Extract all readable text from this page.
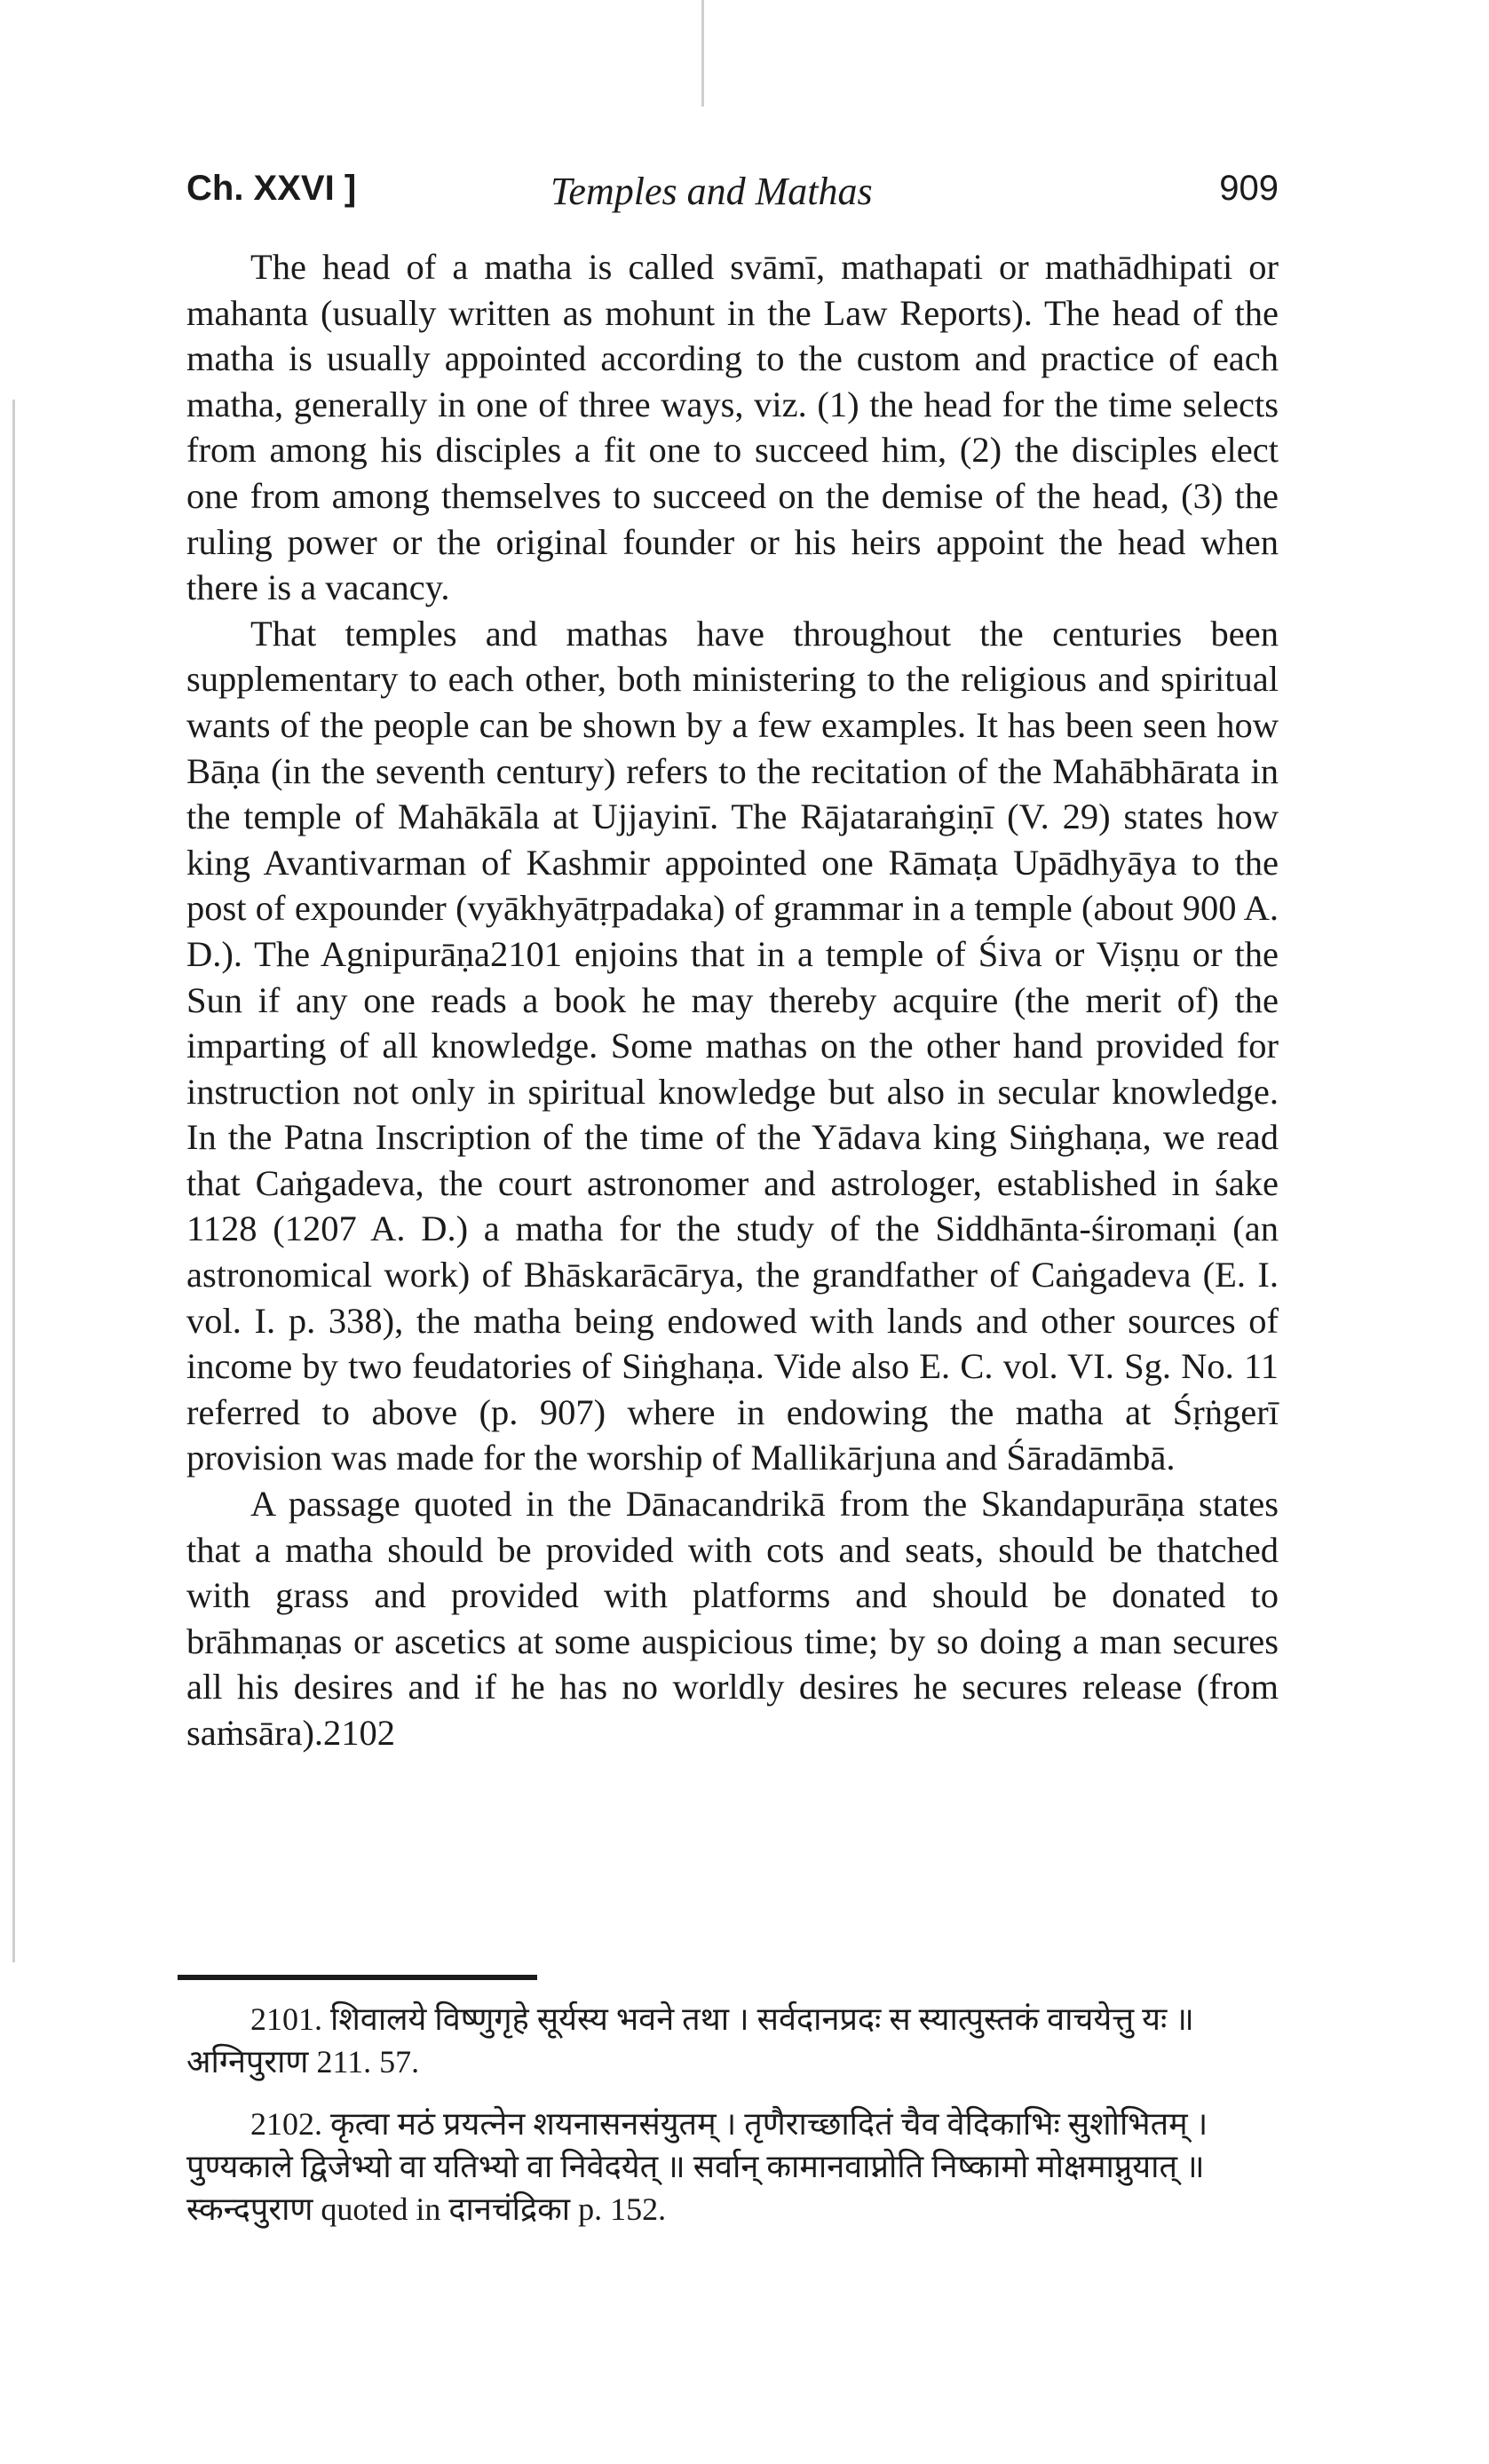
Ch. XXVI ]	Temples and Mathas	909

The head of a matha is called svāmī, mathapati or mathādhipati or mahanta (usually written as mohunt in the Law Reports). The head of the matha is usually appointed according to the custom and practice of each matha, generally in one of three ways, viz. (1) the head for the time selects from among his disciples a fit one to succeed him, (2) the disciples elect one from among themselves to succeed on the demise of the head, (3) the ruling power or the original founder or his heirs appoint the head when there is a vacancy.

That temples and mathas have throughout the centuries been supplementary to each other, both ministering to the religious and spiritual wants of the people can be shown by a few examples. It has been seen how Bāṇa (in the seventh century) refers to the recitation of the Mahābhārata in the temple of Mahākāla at Ujjayinī. The Rājataraṅgiṇī (V. 29) states how king Avantivarman of Kashmir appointed one Rāmaṭa Upādhyāya to the post of expounder (vyākhyātṛpadaka) of grammar in a temple (about 900 A. D.). The Agnipurāṇa2101 enjoins that in a temple of Śiva or Viṣṇu or the Sun if any one reads a book he may thereby acquire (the merit of) the imparting of all knowledge. Some mathas on the other hand provided for instruction not only in spiritual knowledge but also in secular knowledge. In the Patna Inscription of the time of the Yādava king Siṅghaṇa, we read that Caṅgadeva, the court astronomer and astrologer, established in śake 1128 (1207 A. D.) a matha for the study of the Siddhānta-śiromaṇi (an astronomical work) of Bhāskarācārya, the grandfather of Caṅgadeva (E. I. vol. I. p. 338), the matha being endowed with lands and other sources of income by two feudatories of Siṅghaṇa. Vide also E. C. vol. VI. Sg. No. 11 referred to above (p. 907) where in endowing the matha at Śṛṅgerī provision was made for the worship of Mallikārjuna and Śāradāmbā.

A passage quoted in the Dānacandrikā from the Skandapurāṇa states that a matha should be provided with cots and seats, should be thatched with grass and provided with platforms and should be donated to brāhmaṇas or ascetics at some auspicious time; by so doing a man secures all his desires and if he has no worldly desires he secures release (from saṁsāra).2102

2101. शिवालये विष्णुगृहे सूर्यस्य भवने तथा । सर्वदानप्रदः स स्यात्पुस्तकं वाचयेत्तु यः ॥ अग्निपुराण 211. 57.

2102. कृत्वा मठं प्रयत्नेन शयनासनसंयुतम् । तृणैराच्छादितं चैव वेदिकाभिः सुशोभितम् । पुण्यकाले द्विजेभ्यो वा यतिभ्यो वा निवेदयेत् ॥ सर्वान् कामानवाप्नोति निष्कामो मोक्षमाप्नुयात् ॥ स्कन्दपुराण quoted in दानचंद्रिका p. 152.
